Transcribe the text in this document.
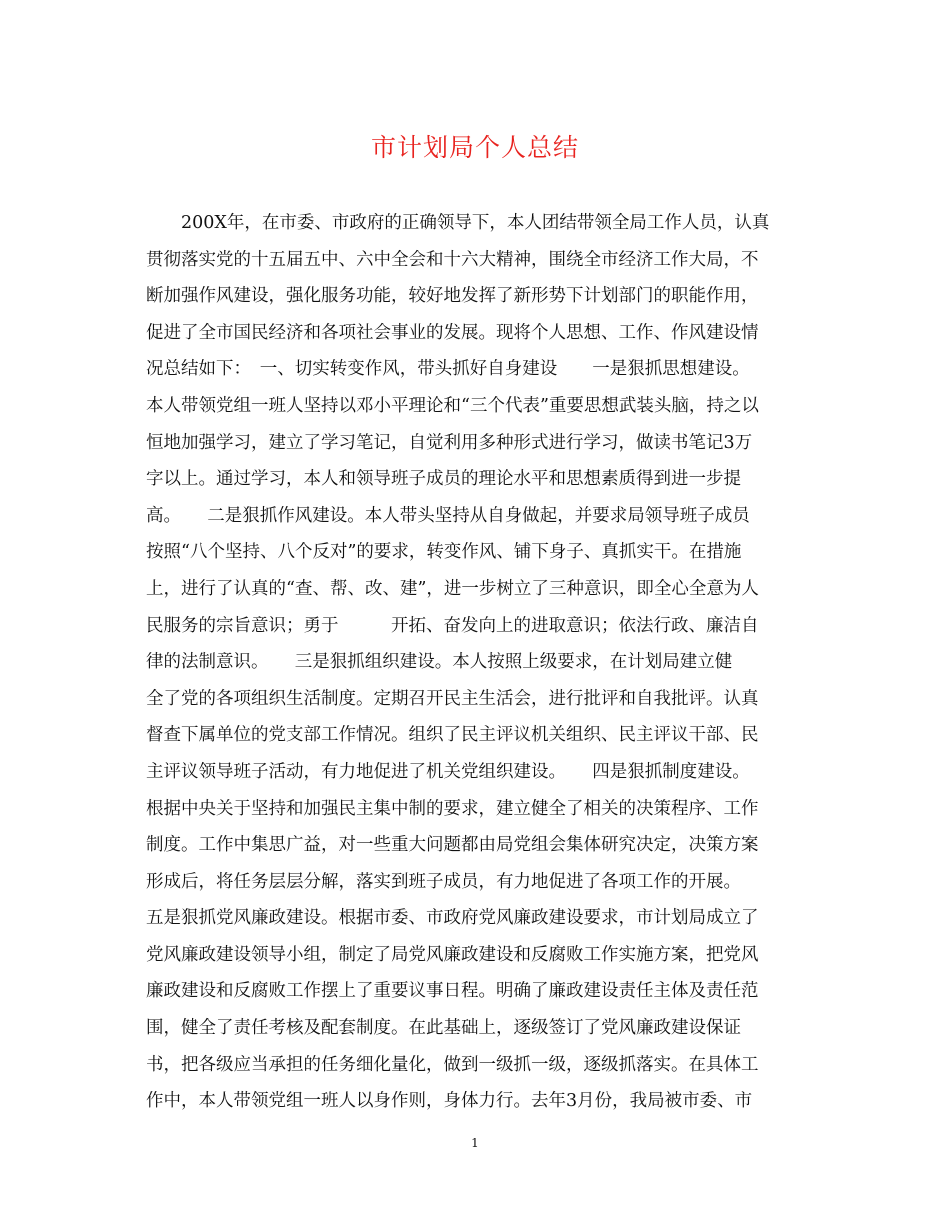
市计划局个人总结
　　200X年，在市委、市政府的正确领导下，本人团结带领全局工作人员，认真
贯彻落实党的十五届五中、六中全会和十六大精神，围绕全市经济工作大局，不
断加强作风建设，强化服务功能，较好地发挥了新形势下计划部门的职能作用，
促进了全市国民经济和各项社会事业的发展。现将个人思想、工作、作风建设情
况总结如下：　一、切实转变作风，带头抓好自身建设　　一是狠抓思想建设。
本人带领党组一班人坚持以邓小平理论和“三个代表”重要思想武装头脑，持之以
恒地加强学习，建立了学习笔记，自觉利用多种形式进行学习，做读书笔记3万
字以上。通过学习，本人和领导班子成员的理论水平和思想素质得到进一步提
高。　　二是狠抓作风建设。本人带头坚持从自身做起，并要求局领导班子成员
按照“八个坚持、八个反对”的要求，转变作风、铺下身子、真抓实干。在措施
上，进行了认真的“查、帮、改、建”，进一步树立了三种意识，即全心全意为人
民服务的宗旨意识；勇于　　　开拓、奋发向上的进取意识；依法行政、廉洁自
律的法制意识。　　三是狠抓组织建设。本人按照上级要求，在计划局建立健
全了党的各项组织生活制度。定期召开民主生活会，进行批评和自我批评。认真
督查下属单位的党支部工作情况。组织了民主评议机关组织、民主评议干部、民
主评议领导班子活动，有力地促进了机关党组织建设。　　四是狠抓制度建设。
根据中央关于坚持和加强民主集中制的要求，建立健全了相关的决策程序、工作
制度。工作中集思广益，对一些重大问题都由局党组会集体研究决定，决策方案
形成后，将任务层层分解，落实到班子成员，有力地促进了各项工作的开展。
五是狠抓党风廉政建设。根据市委、市政府党风廉政建设要求，市计划局成立了
党风廉政建设领导小组，制定了局党风廉政建设和反腐败工作实施方案，把党风
廉政建设和反腐败工作摆上了重要议事日程。明确了廉政建设责任主体及责任范
围，健全了责任考核及配套制度。在此基础上，逐级签订了党风廉政建设保证
书，把各级应当承担的任务细化量化，做到一级抓一级，逐级抓落实。在具体工
作中，本人带领党组一班人以身作则，身体力行。去年3月份，我局被市委、市
1
